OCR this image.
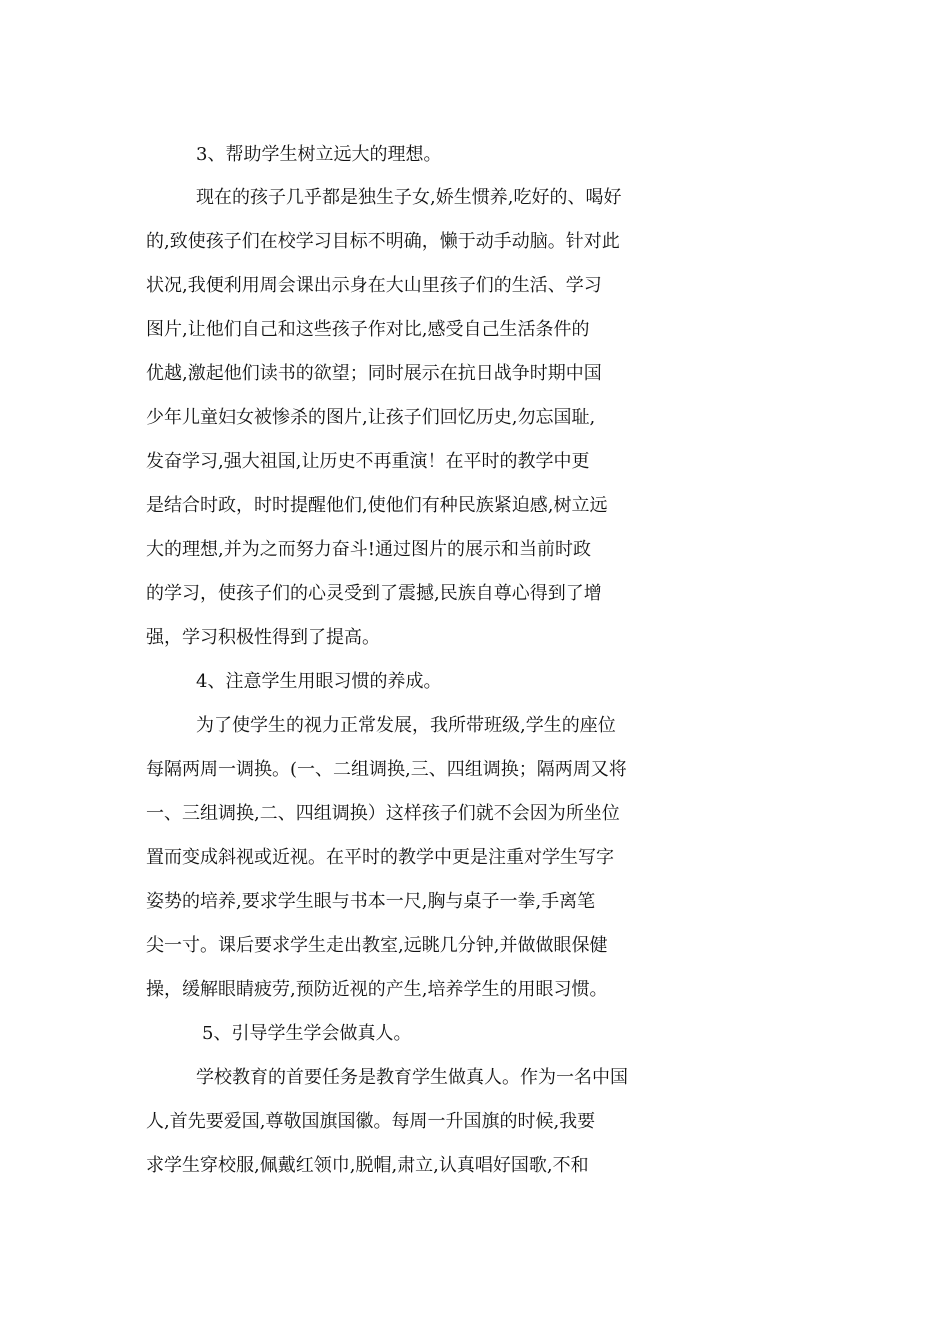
3、帮助学生树立远大的理想。
现在的孩子几乎都是独生子女,娇生惯养,吃好的、喝好
的,致使孩子们在校学习目标不明确，懒于动手动脑。针对此
状况,我便利用周会课出示身在大山里孩子们的生活、学习
图片,让他们自己和这些孩子作对比,感受自己生活条件的
优越,激起他们读书的欲望；同时展示在抗日战争时期中国
少年儿童妇女被惨杀的图片,让孩子们回忆历史,勿忘国耻,
发奋学习,强大祖国,让历史不再重演！在平时的教学中更
是结合时政，时时提醒他们,使他们有种民族紧迫感,树立远
大的理想,并为之而努力奋斗!通过图片的展示和当前时政
的学习，使孩子们的心灵受到了震撼,民族自尊心得到了增
强，学习积极性得到了提高。
4、注意学生用眼习惯的养成。
为了使学生的视力正常发展，我所带班级,学生的座位
每隔两周一调换。(一、二组调换,三、四组调换；隔两周又将
一、三组调换,二、四组调换）这样孩子们就不会因为所坐位
置而变成斜视或近视。在平时的教学中更是注重对学生写字
姿势的培养,要求学生眼与书本一尺,胸与桌子一拳,手离笔
尖一寸。课后要求学生走出教室,远眺几分钟,并做做眼保健
操，缓解眼睛疲劳,预防近视的产生,培养学生的用眼习惯。
5、引导学生学会做真人。
学校教育的首要任务是教育学生做真人。作为一名中国
人,首先要爱国,尊敬国旗国徽。每周一升国旗的时候,我要
求学生穿校服,佩戴红领巾,脱帽,肃立,认真唱好国歌,不和
